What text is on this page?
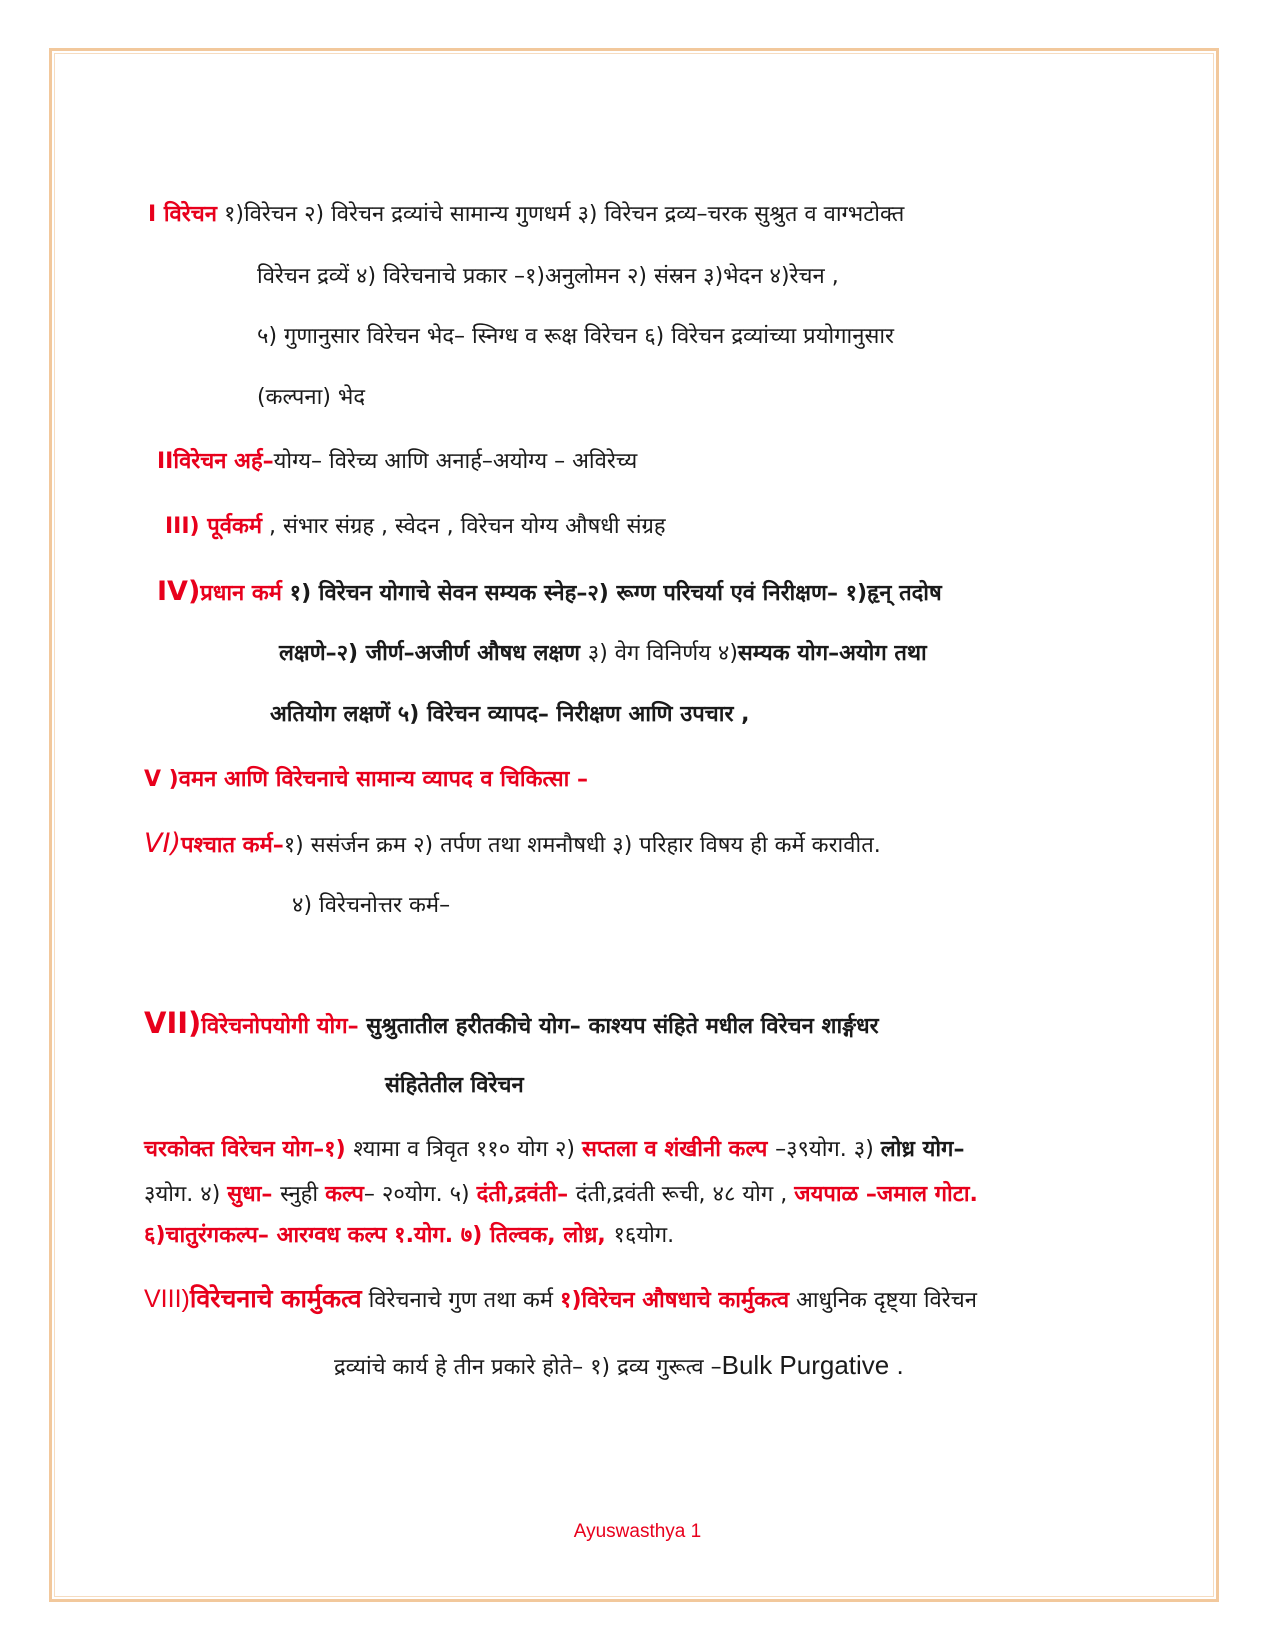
I विरेचन १)विरेचन २) विरेचन द्रव्यांचे सामान्य गुणधर्म ३) विरेचन द्रव्य–चरक सुश्रुत व वाग्भटोक्त
विरेचन द्रव्यें ४) विरेचनाचे प्रकार –१)अनुलोमन २) संस्रन ३)भेदन ४)रेचन ,
५) गुणानुसार विरेचन भेद– स्निग्ध व रूक्ष विरेचन ६) विरेचन द्रव्यांच्या प्रयोगानुसार
(कल्पना) भेद
IIविरेचन अर्ह–योग्य– विरेच्य आणि अनार्ह–अयोग्य – अविरेच्य
III) पूर्वकर्म , संभार संग्रह , स्वेदन , विरेचन योग्य औषधी संग्रह
IV)प्रधान कर्म १) विरेचन योगाचे सेवन सम्यक स्नेह–२) रूग्ण परिचर्या एवं निरीक्षण– १)हृन् तदोष
लक्षणे–२) जीर्ण–अजीर्ण औषध लक्षण ३) वेग विनिर्णय ४)सम्यक योग–अयोग तथा
अतियोग लक्षणें ५) विरेचन व्यापद– निरीक्षण आणि उपचार ,
V )वमन आणि विरेचनाचे सामान्य व्यापद व चिकित्सा –
VI)पश्चात कर्म–१) ससंर्जन क्रम २) तर्पण तथा शमनौषधी ३) परिहार विषय ही कर्मे करावीत.
४) विरेचनोत्तर कर्म–
VII)विरेचनोपयोगी योग– सुश्रुतातील हरीतकीचे योग– काश्यप संहिते मधील विरेचन शार्ङ्गधर
संहितेतील विरेचन
चरकोक्त विरेचन योग–१) श्यामा व त्रिवृत ११० योग २) सप्तला व शंखीनी कल्प –३९योग. ३) लोध्र योग–
३योग. ४) सुधा– स्नुही कल्प– २०योग. ५) दंती,द्रवंती– दंती,द्रवंती रूची, ४८ योग , जयपाळ –जमाल गोटा.
६)चातुरंगकल्प– आरग्वध कल्प १.योग. ७) तिल्वक, लोध्र, १६योग.
VIII)विरेचनाचे कार्मुकत्व विरेचनाचे गुण तथा कर्म १)विरेचन औषधाचे कार्मुकत्व आधुनिक दृष्ट्या विरेचन
द्रव्यांचे कार्य हे तीन प्रकारे होते– १) द्रव्य गुरूत्व –Bulk Purgative .
Ayuswasthya 1
